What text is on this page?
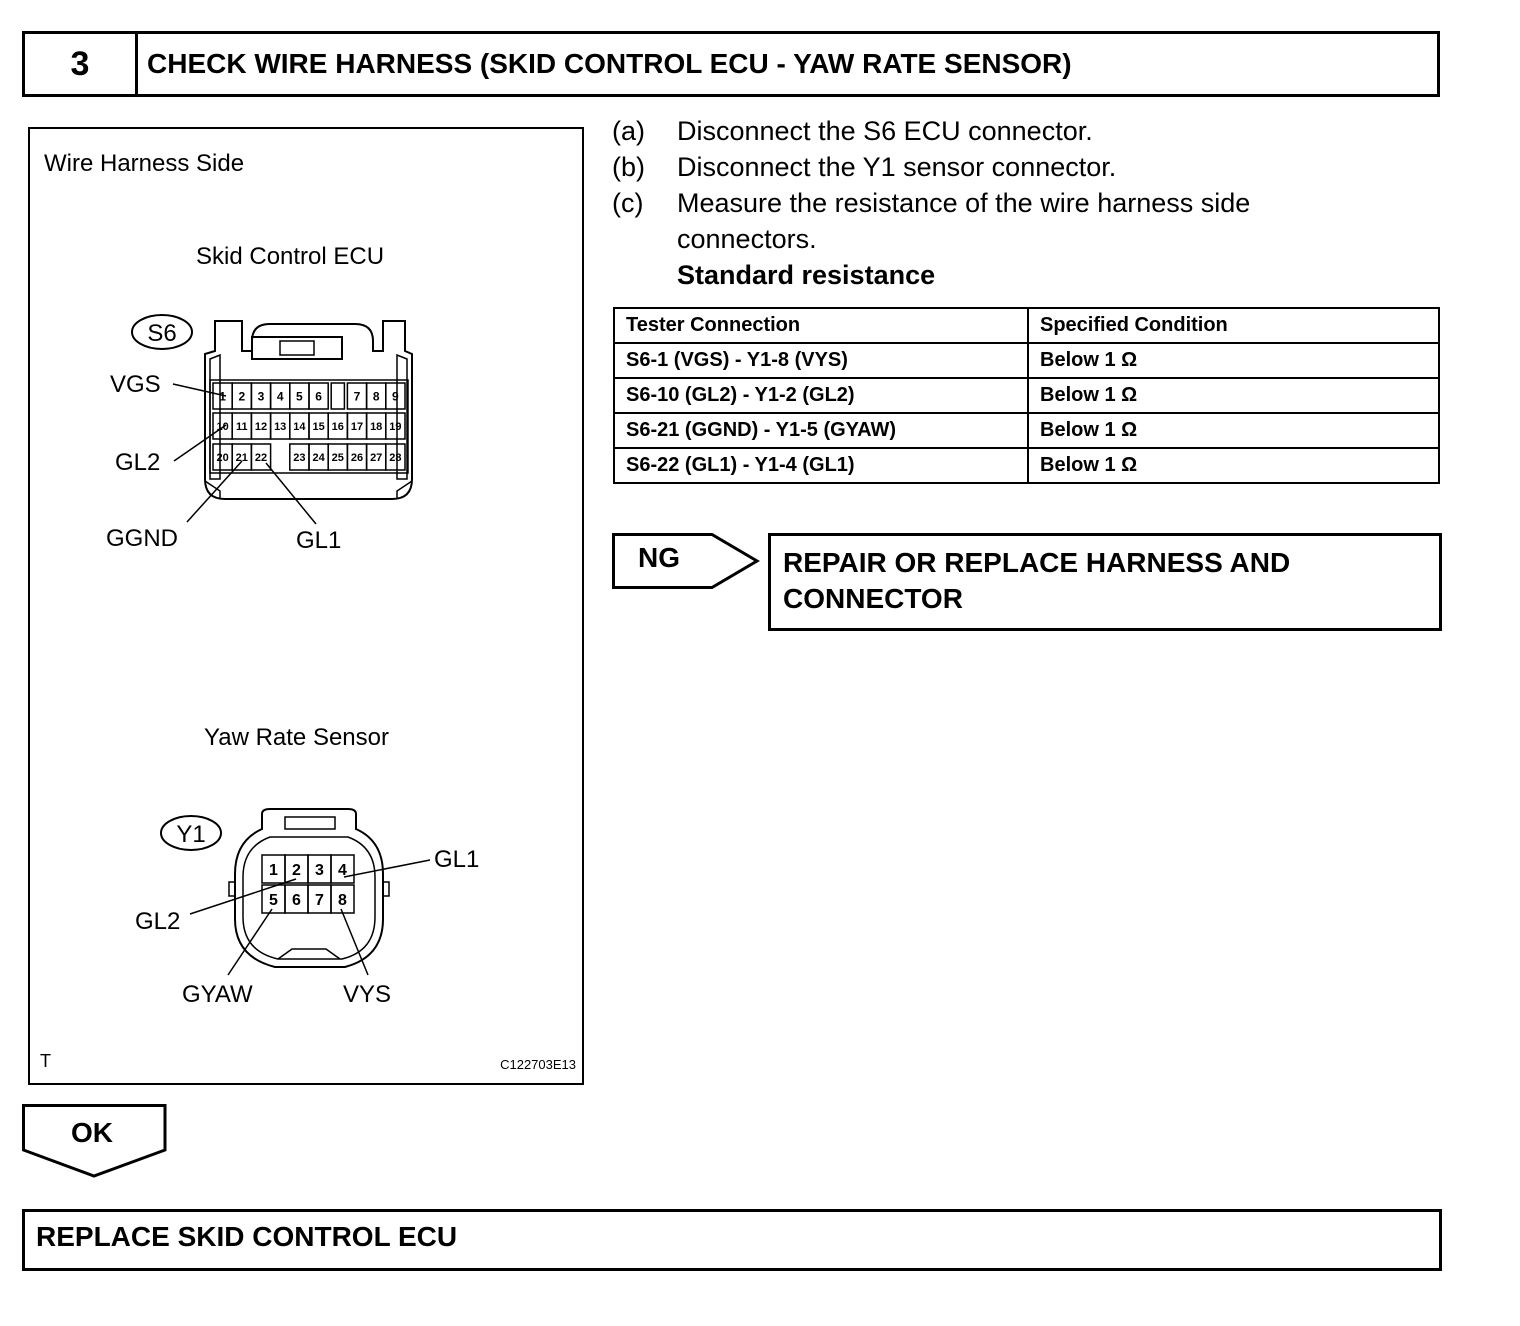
3	CHECK WIRE HARNESS (SKID CONTROL ECU - YAW RATE SENSOR)
Wire Harness Side
Skid Control ECU
S6
1 2 3 4 5 6	7 8 9
10 11 12 13 14 15 16 17 18 19
20 21 22 23 24 25 26 27 28
VGS
GL2
GGND	GL1
Yaw Rate Sensor
Y1
1 2 3 4
5 6 7 8
GL1
GL2
GYAW	VYS
T	C122703E13
(a) Disconnect the S6 ECU connector.
(b) Disconnect the Y1 sensor connector.
(c) Measure the resistance of the wire harness side
connectors.
Standard resistance
Tester Connection	Specified Condition
S6-1 (VGS) - Y1-8 (VYS)	Below 1 Ω
S6-10 (GL2) - Y1-2 (GL2)	Below 1 Ω
S6-21 (GGND) - Y1-5 (GYAW)	Below 1 Ω
S6-22 (GL1) - Y1-4 (GL1)	Below 1 Ω
NG	REPAIR OR REPLACE HARNESS AND
CONNECTOR
OK
REPLACE SKID CONTROL ECU
